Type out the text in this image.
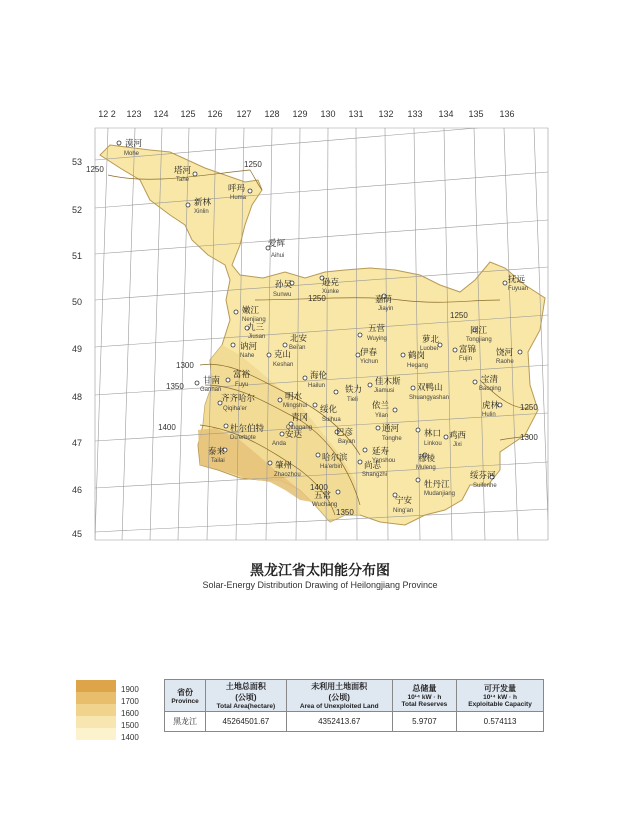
12 2 123 124 125 126 127 128 129 130 131 132 133 134 135 136
53
52
51
50
49
48
47
46
45
1250
1250
1250
1250
1300
1350
1400
1250
1300
1400
1350
漠河
Mohe
塔河
Tahe
呼玛
Huma
新林
Xinlin
爱辉
Aihui
孙吴
Sunwu
逊克
Xunke
嘉荫
Jiayin
抚远
Fuyuan
嫩江
Nenjiang
九三
Jiusan	北安
Bei'an
五营
Wuying	萝北
Luobei
同江
Tongjiang
讷河
Nahe 克山
Keshan
伊春
Yichun
鹤岗
Hegang
富锦
Fujin
饶河
Raohe
甘南
Gannan
富裕
Fuyu
海伦
Hailun 铁力
Tieli
佳木斯
Jiamusi	双鸭山
Shuangyashan
宝清
Baoqing
齐齐哈尔
Qiqiha'er
明水
Mingshui 绥化
Suihua
依兰
Yilan
虎林
Hulin
杜尔伯特
Du'erbote
青冈
Qinggang
安达
Anda
巴彦
Bayan
通河
Tonghe
林口
Linkou
鸡西
Jixi
泰来
Tailai	肇州
Zhaozhou
哈尔滨
Ha'erbin
延寿
Yanshou
尚志
Shangzhi
穆棱
Muleng
绥芬河
Suifenhe
牡丹江
Mudanjiang
五常
Wuchang	宁安
Ning'an
黑龙江省太阳能分布图
Solar-Energy Distribution Drawing of Heilongjiang Province
1900
1700
1600
1500
1400
省份
Province	土地总面积
(公顷)
Total Area(hectare)	未利用土地面积
(公顷)
Area of Unexploited Land	总储量
10¹⁴ kW · h
Total Reserves	可开发量
10¹⁴ kW · h
Exploitable Capacity

黑龙江	45264501.67	4352413.67	5.9707	0.574113
